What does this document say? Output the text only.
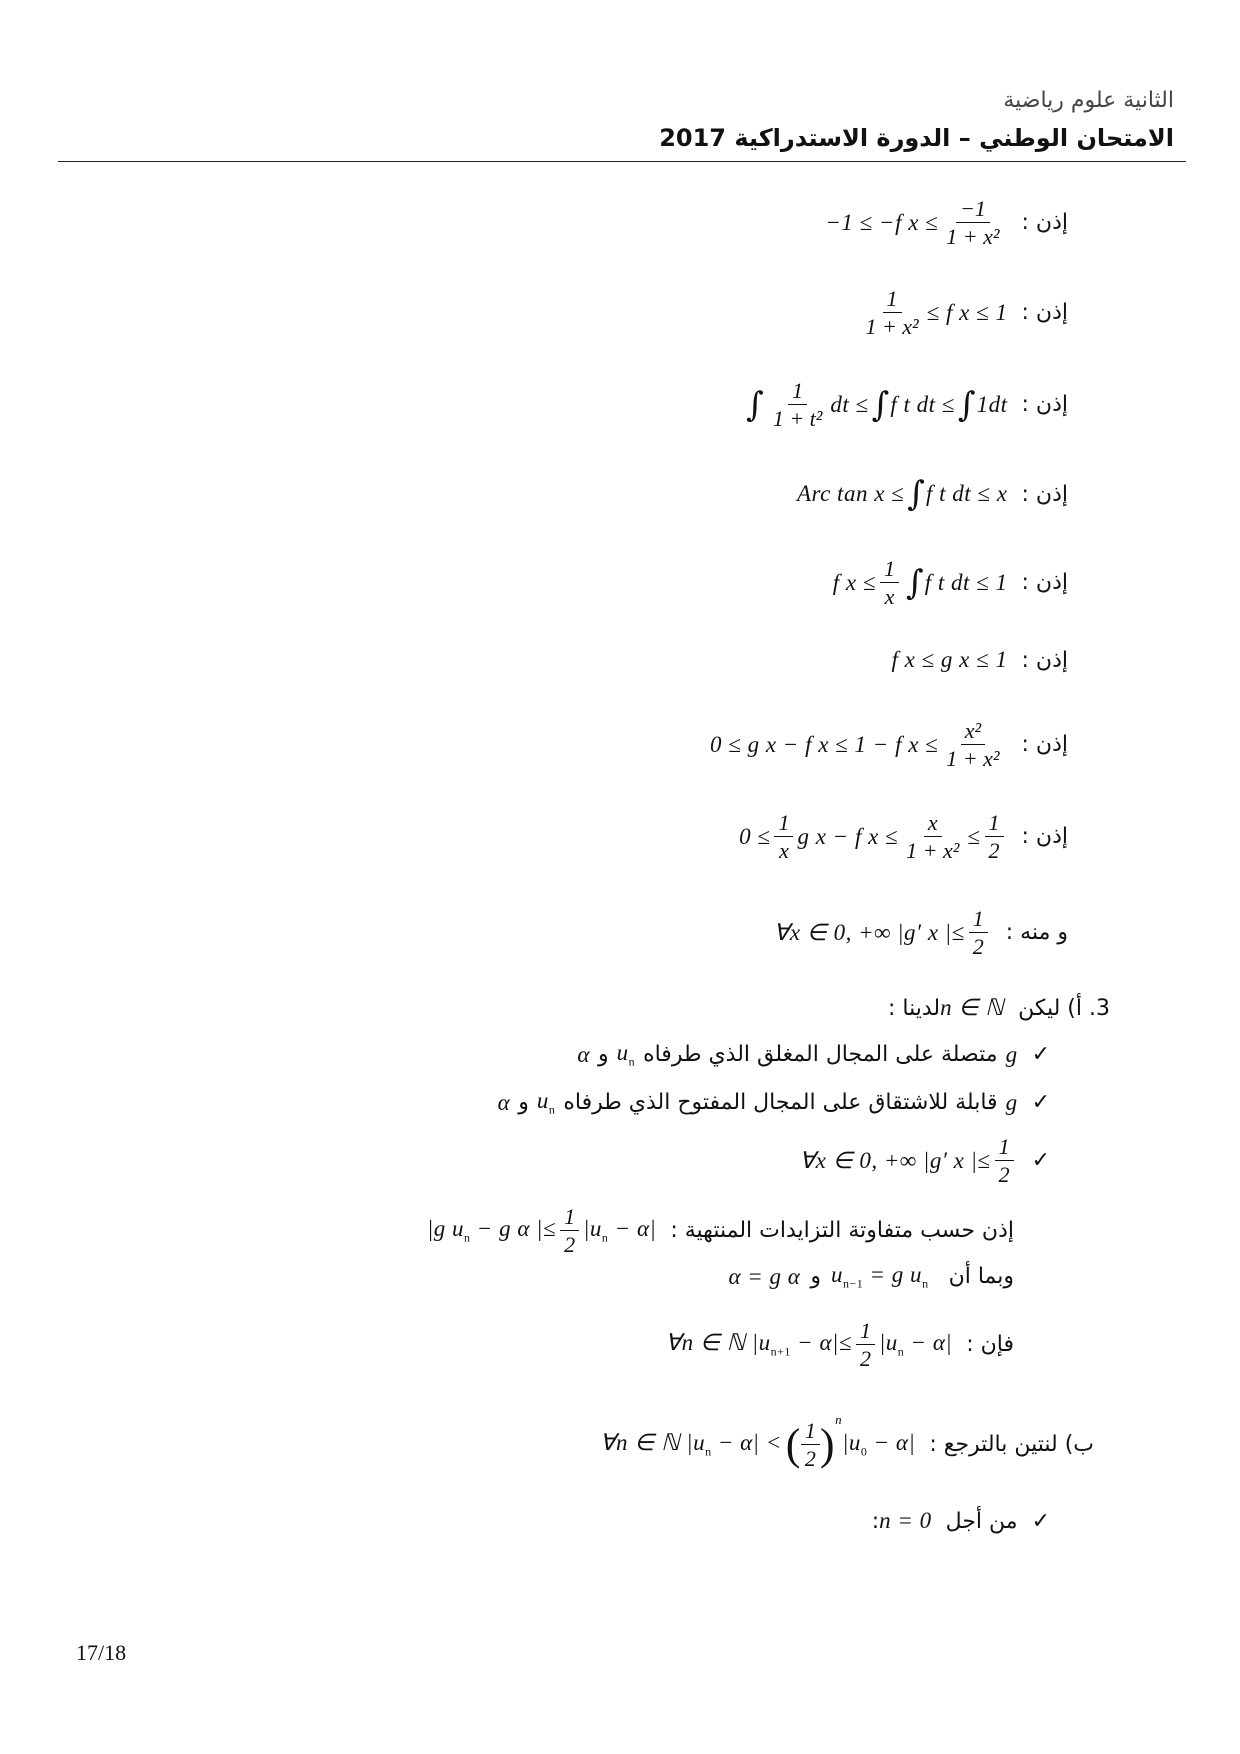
الثانية علوم رياضية
الامتحان الوطني – الدورة الاستدراكية 2017
−1 ≤ −f $x \le \frac{-1}{\text{1 + x²}}$ إذن :
$\frac{1}{\text{1 + x²}} \le f$ x ≤ 1 إذن :
∫ $\frac{1}{\text{1 + t²}}$ dt ≤ ∫ f t dt ≤ ∫ 1dt إذن :
Arc tan x ≤ ∫ f t dt ≤ x إذن :
f $x \le \frac{1}{x}$ ∫ f t dt ≤ 1 إذن :
f x ≤ g x ≤ 1 إذن :
0 ≤ g x − f x ≤ 1 − f $x \le \frac{\text{x²}}{\text{1 + x²}}$ إذن :
$0 \le \frac{1}{x}$ g x − f $x \le \frac{x}{\text{1 + x²}} \le \frac{1}{2}$ إذن :
∀x ∈ 0, +∞ |g′ x |≤ $\frac{1}{2}$ و منه :
لدينا : n ∈ ℕ 3. أ) ليكن
α و $u_n$ متصلة على المجال المغلق الذي طرفاه g ✓
α و $u_n$ قابلة للاشتقاق على المجال المفتوح الذي طرفاه g ✓
∀x ∈ 0, +∞ |g′ x |≤ $\frac{1}{2}$ ✓
|g $u_n - g$ α |≤ $\frac{1}{2} |u_n - \alpha|$ إذن حسب متفاوتة التزايدات المنتهية :
α = g α و $u_{n-1} = g$ $u_n$ وبما أن
∀n ∈ ℕ $|u_{n+1} - \alpha|\le \frac{1}{2} |u_n - \alpha|$ فإن :
∀n ∈ ℕ $|u_n - \alpha|$ < ( $\frac{1}{2}$ )
n
$|u_0 - \alpha|$ ب) لنتين بالترجع :
: n = 0 من أجل ✓
17/18
